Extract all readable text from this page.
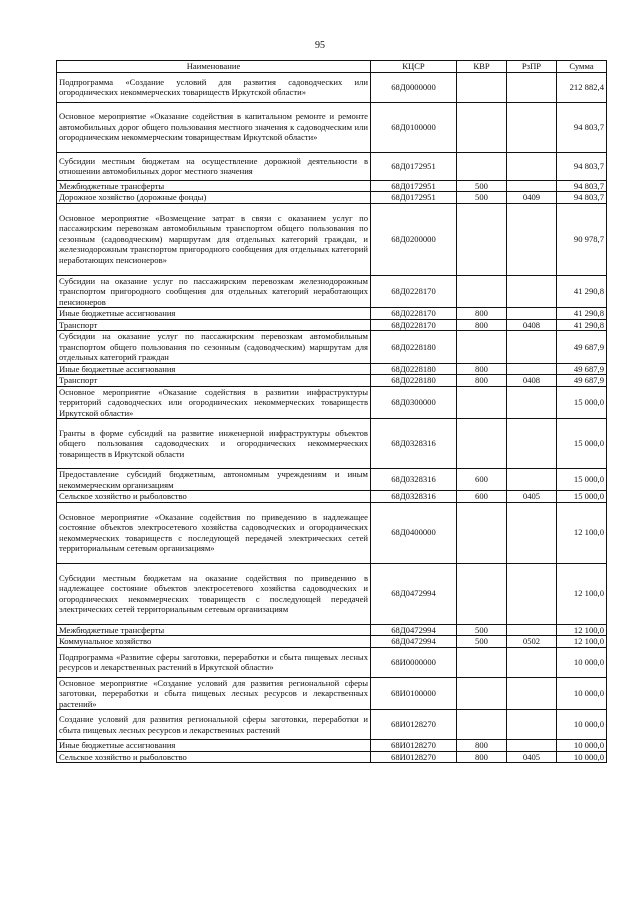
95
Наименование	КЦСР	КВР	РзПР	Сумма
Подпрограмма «Создание условий для развития садоводческих или огороднических некоммерческих товариществ Иркутской области»	68Д0000000			212 882,4
Основное мероприятие «Оказание содействия в капитальном ремонте и ремонте автомобильных дорог общего пользования местного значения к садоводческим или огородническим некоммерческим товариществам Иркутской области»	68Д0100000			94 803,7
Субсидии местным бюджетам на осуществление дорожной деятельности в отношении автомобильных дорог местного значения	68Д0172951			94 803,7
Межбюджетные трансферты	68Д0172951	500		94 803,7
Дорожное хозяйство (дорожные фонды)	68Д0172951	500	0409	94 803,7
Основное мероприятие «Возмещение затрат в связи с оказанием услуг по пассажирским перевозкам автомобильным транспортом общего пользования по сезонным (садоводческим) маршрутам для отдельных категорий граждан, и железнодорожным транспортом пригородного сообщения для отдельных категорий неработающих пенсионеров»	68Д0200000			90 978,7
Субсидии на оказание услуг по пассажирским перевозкам железнодорожным транспортом пригородного сообщения для отдельных категорий неработающих пенсионеров	68Д0228170			41 290,8
Иные бюджетные ассигнования	68Д0228170	800		41 290,8
Транспорт	68Д0228170	800	0408	41 290,8
Субсидии на оказание услуг по пассажирским перевозкам автомобильным транспортом общего пользования по сезонным (садоводческим) маршрутам для отдельных категорий граждан	68Д0228180			49 687,9
Иные бюджетные ассигнования	68Д0228180	800		49 687,9
Транспорт	68Д0228180	800	0408	49 687,9
Основное мероприятие «Оказание содействия в развитии инфраструктуры территорий садоводческих или огороднических некоммерческих товариществ Иркутской области»	68Д0300000			15 000,0
Гранты в форме субсидий на развитие инженерной инфраструктуры объектов общего пользования садоводческих и огороднических некоммерческих товариществ в Иркутской области	68Д0328316			15 000,0
Предоставление субсидий бюджетным, автономным учреждениям и иным некоммерческим организациям	68Д0328316	600		15 000,0
Сельское хозяйство и рыболовство	68Д0328316	600	0405	15 000,0
Основное мероприятие «Оказание содействия по приведению в надлежащее состояние объектов электросетевого хозяйства садоводческих и огороднических некоммерческих товариществ с последующей передачей электрических сетей территориальным сетевым организациям»	68Д0400000			12 100,0
Субсидии местным бюджетам на оказание содействия по приведению в надлежащее состояние объектов электросетевого хозяйства садоводческих и огороднических некоммерческих товариществ с последующей передачей электрических сетей территориальным сетевым организациям	68Д0472994			12 100,0
Межбюджетные трансферты	68Д0472994	500		12 100,0
Коммунальное хозяйство	68Д0472994	500	0502	12 100,0
Подпрограмма «Развитие сферы заготовки, переработки и сбыта пищевых лесных ресурсов и лекарственных растений в Иркутской области»	68И0000000			10 000,0
Основное мероприятие «Создание условий для развития региональной сферы заготовки, переработки и сбыта пищевых лесных ресурсов и лекарственных растений»	68И0100000			10 000,0
Создание условий для развития региональной сферы заготовки, переработки и сбыта пищевых лесных ресурсов и лекарственных растений	68И0128270			10 000,0
Иные бюджетные ассигнования	68И0128270	800		10 000,0
Сельское хозяйство и рыболовство	68И0128270	800	0405	10 000,0
